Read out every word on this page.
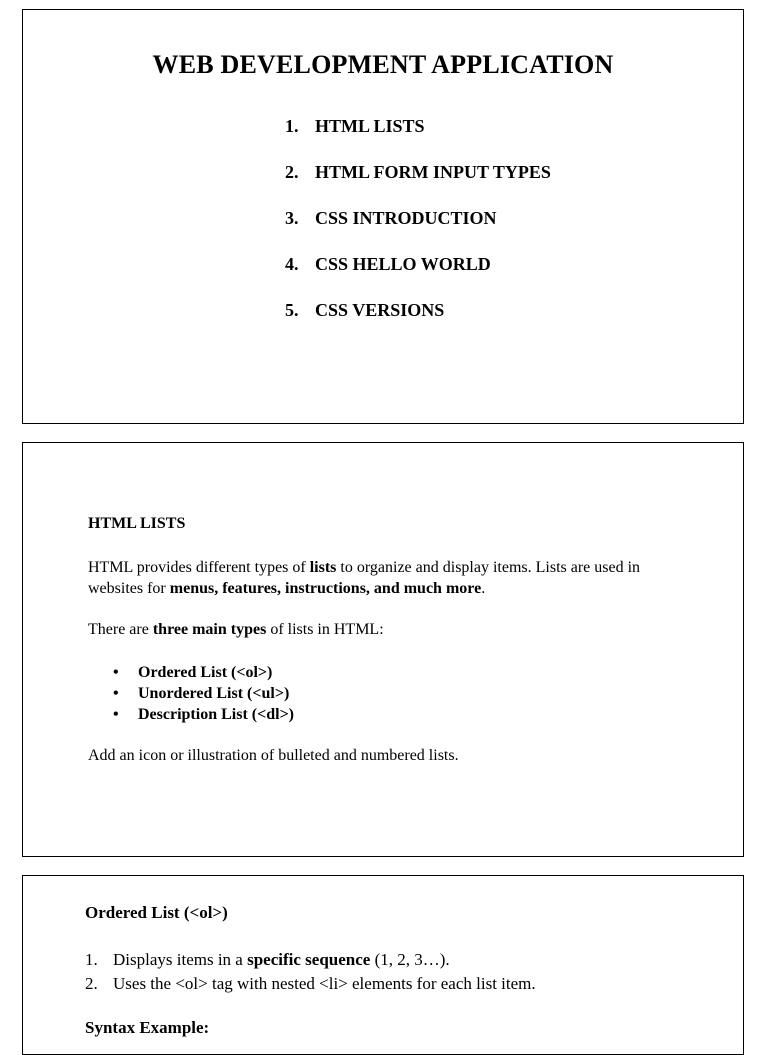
WEB DEVELOPMENT APPLICATION
1. HTML LISTS
2. HTML FORM INPUT TYPES
3. CSS INTRODUCTION
4. CSS HELLO WORLD
5. CSS VERSIONS
HTML LISTS

HTML provides different types of lists to organize and display items. Lists are used in websites for menus, features, instructions, and much more.

There are three main types of lists in HTML:

•	Ordered List (<ol>)
•	Unordered List (<ul>)
•	Description List (<dl>)

Add an icon or illustration of bulleted and numbered lists.

Ordered List (<ol>)
1. Displays items in a specific sequence (1, 2, 3…).
2. Uses the <ol> tag with nested <li> elements for each list item.
Syntax Example:
